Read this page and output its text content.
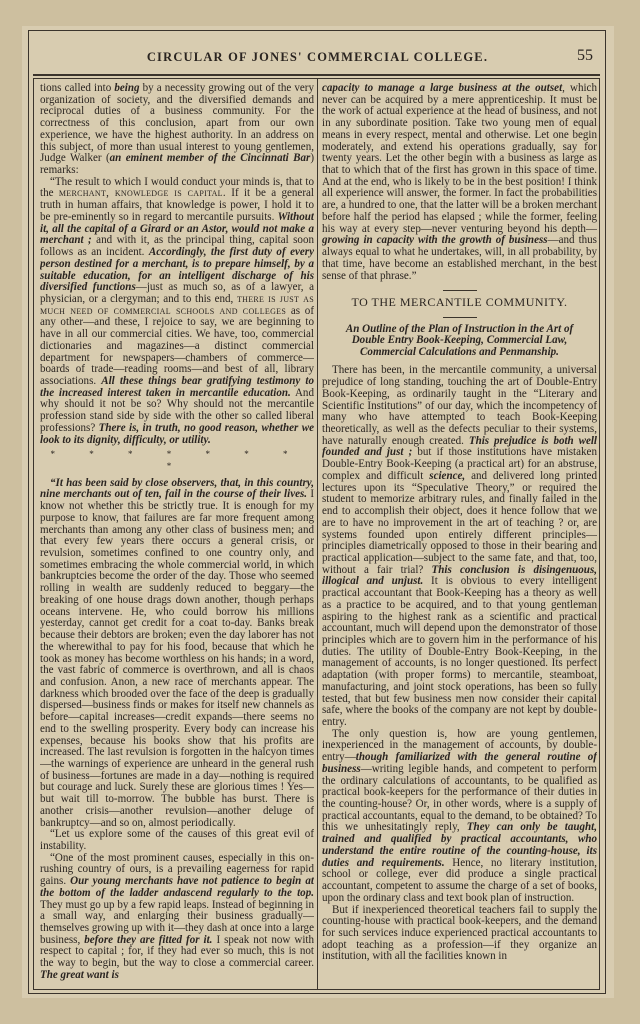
CIRCULAR OF JONES' COMMERCIAL COLLEGE.	55

tions called into being by a necessity growing out of the very organization of society, and the diversified demands and reciprocal duties of a business community. For the correctness of this conclusion, apart from our own experience, we have the highest authority. In an address on this subject, of more than usual interest to young gentlemen, Judge Walker (an eminent member of the Cincinnati Bar) remarks:

“The result to which I would conduct your minds is, that to the merchant, knowledge is capital. If it be a general truth in human affairs, that knowledge is power, I hold it to be pre-eminently so in regard to mercantile pursuits. Without it, all the capital of a Girard or an Astor, would not make a merchant ; and with it, as the principal thing, capital soon follows as an incident. Accordingly, the first duty of every person destined for a merchant, is to prepare himself, by a suitable education, for an intelligent discharge of his diversified functions—just as much so, as of a lawyer, a physician, or a clergyman; and to this end, there is just as much need of commercial schools and colleges as of any other—and these, I rejoice to say, we are beginning to have in all our commercial cities. We have, too, commercial dictionaries and magazines—a distinct commercial department for newspapers—chambers of commerce—boards of trade—reading rooms—and best of all, library associations. All these things bear gratifying testimony to the increased interest taken in mercantile education. And why should it not be so? Why should not the mercantile profession stand side by side with the other so called liberal professions? There is, in truth, no good reason, whether we look to its dignity, difficulty, or utility.

* * * * * * * *

“It has been said by close observers, that, in this country, nine merchants out of ten, fail in the course of their lives. I know not whether this be strictly true. It is enough for my purpose to know, that failures are far more frequent among merchants than among any other class of business men; and that every few years there occurs a general crisis, or revulsion, sometimes confined to one country only, and sometimes embracing the whole commercial world, in which bankruptcies become the order of the day. Those who seemed rolling in wealth are suddenly reduced to beggary—the breaking of one house drags down another, though perhaps oceans intervene. He, who could borrow his millions yesterday, cannot get credit for a coat to-day. Banks break because their debtors are broken; even the day laborer has not the wherewithal to pay for his food, because that which he took as money has become worthless on his hands; in a word, the vast fabric of commerce is overthrown, and all is chaos and confusion. Anon, a new race of merchants appear. The darkness which brooded over the face of the deep is gradually dispersed—business finds or makes for itself new channels as before—capital increases—credit expands—there seems no end to the swelling prosperity. Every body can increase his expenses, because his books show that his profits are increased. The last revulsion is forgotten in the halcyon times—the warnings of experience are unheard in the general rush of business—fortunes are made in a day—nothing is required but courage and luck. Surely these are glorious times ! Yes—but wait till to-morrow. The bubble has burst. There is another crisis—another revulsion—another deluge of bankruptcy—and so on, almost periodically.

“Let us explore some of the causes of this great evil of instability.

“One of the most prominent causes, especially in this on-rushing country of ours, is a prevailing eagerness for rapid gains. Our young merchants have not patience to begin at the bottom of the ladder andascend regularly to the top. They must go up by a few rapid leaps. Instead of beginning in a small way, and enlarging their business gradually—themselves growing up with it—they dash at once into a large business, before they are fitted for it. I speak not now with respect to capital ; for, if they had ever so much, this is not the way to begin, but the way to close a commercial career. The great want is

capacity to manage a large business at the outset, which never can be acquired by a mere apprenticeship. It must be the work of actual experience at the head of business, and not in any subordinate position. Take two young men of equal means in every respect, mental and otherwise. Let one begin moderately, and extend his operations gradually, say for twenty years. Let the other begin with a business as large as that to which that of the first has grown in this space of time. And at the end, who is likely to be in the best position! I think all experience will answer, the former. In fact the probabilities are, a hundred to one, that the latter will be a broken merchant before half the period has elapsed ; while the former, feeling his way at every step—never venturing beyond his depth—growing in capacity with the growth of business—and thus always equal to what he undertakes, will, in all probability, by that time, have become an established merchant, in the best sense of that phrase.”

TO THE MERCANTILE COMMUNITY.
An Outline of the Plan of Instruction in the Art of Double Entry Book-Keeping, Commercial Law, Commercial Calculations and Penmanship.

There has been, in the mercantile community, a universal prejudice of long standing, touching the art of Double-Entry Book-Keeping, as ordinarily taught in the “Literary and Scientific Institutions” of our day, which the incompetency of many who have attempted to teach Book-Keeping theoretically, as well as the defects peculiar to their systems, have naturally enough created. This prejudice is both well founded and just ; but if those institutions have mistaken Double-Entry Book-Keeping (a practical art) for an abstruse, complex and difficult science, and delivered long printed lectures upon its “Speculative Theory,” or required the student to memorize arbitrary rules, and finally failed in the end to accomplish their object, does it hence follow that we are to have no improvement in the art of teaching ? or, are systems founded upon entirely different principles—principles diametrically opposed to those in their bearing and practical application—subject to the same fate, and that, too, without a fair trial? This conclusion is disingenuous, illogical and unjust. It is obvious to every intelligent practical accountant that Book-Keeping has a theory as well as a practice to be acquired, and to that young gentleman aspiring to the highest rank as a scientific and practical accountant, much will depend upon the demonstrator of those principles which are to govern him in the performance of his duties. The utility of Double-Entry Book-Keeping, in the management of accounts, is no longer questioned. Its perfect adaptation (with proper forms) to mercantile, steamboat, manufacturing, and joint stock operations, has been so fully tested, that but few business men now consider their capital safe, where the books of the company are not kept by double-entry.

The only question is, how are young gentlemen, inexperienced in the management of accounts, by double-entry—though familiarized with the general routine of business—writing legible hands, and competent to perform the ordinary calculations of accountants, to be qualified as practical book-keepers for the performance of their duties in the counting-house? Or, in other words, where is a supply of practical accountants, equal to the demand, to be obtained? To this we unhesitatingly reply, They can only be taught, trained and qualified by practical accountants, who understand the entire routine of the counting-house, its duties and requirements. Hence, no literary institution, school or college, ever did produce a single practical accountant, competent to assume the charge of a set of books, upon the ordinary class and text book plan of instruction.

But if inexperienced theoretical teachers fail to supply the counting-house with practical book-keepers, and the demand for such services induce experienced practical accountants to adopt teaching as a profession—if they organize an institution, with all the facilities known in
